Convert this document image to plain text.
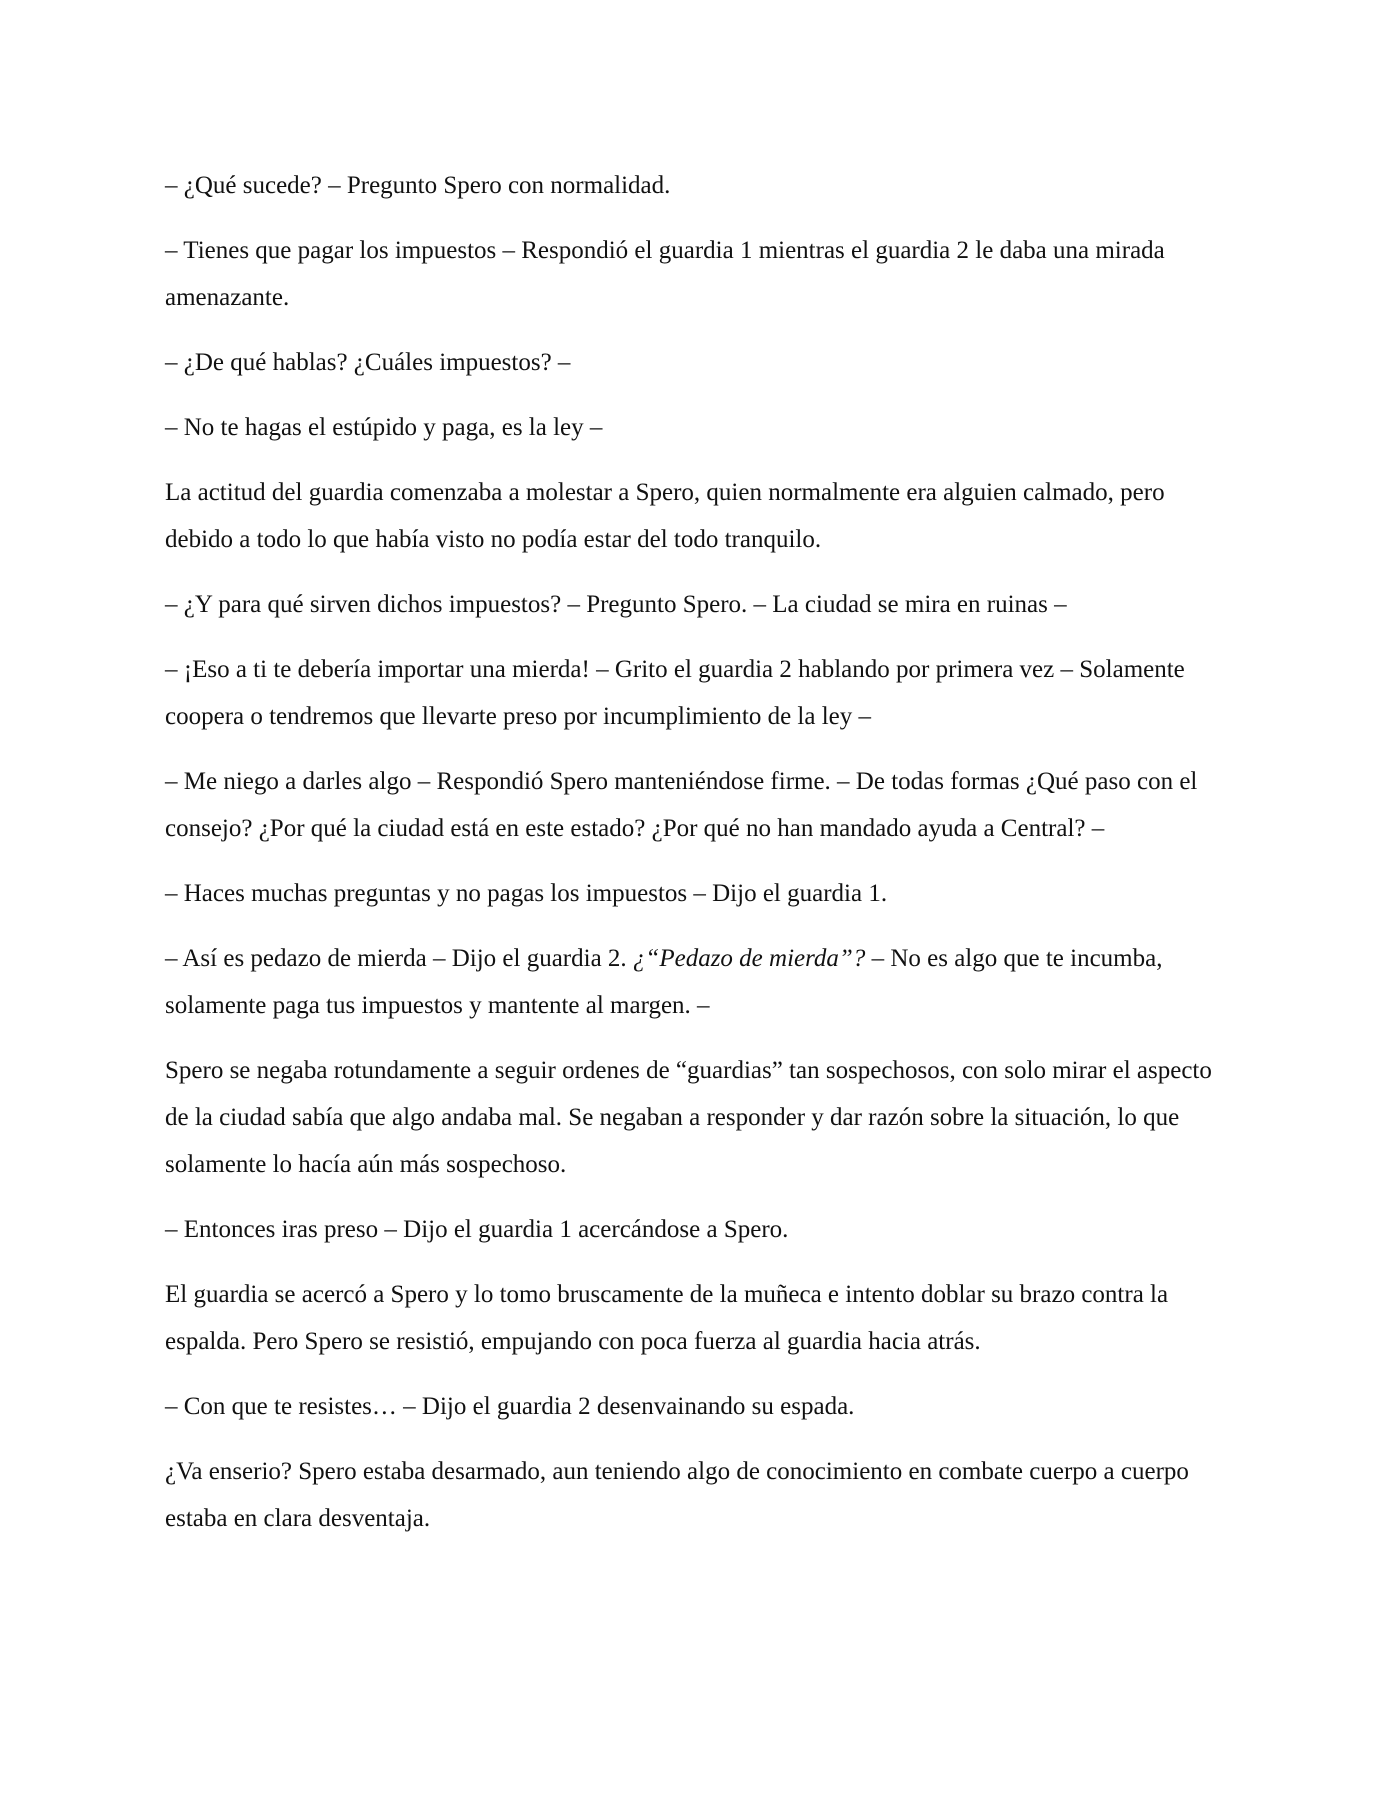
– ¿Qué sucede? – Pregunto Spero con normalidad.

– Tienes que pagar los impuestos – Respondió el guardia 1 mientras el guardia 2 le daba una mirada amenazante.

– ¿De qué hablas? ¿Cuáles impuestos? –

– No te hagas el estúpido y paga, es la ley –

La actitud del guardia comenzaba a molestar a Spero, quien normalmente era alguien calmado, pero debido a todo lo que había visto no podía estar del todo tranquilo.

– ¿Y para qué sirven dichos impuestos? – Pregunto Spero. – La ciudad se mira en ruinas –

– ¡Eso a ti te debería importar una mierda! – Grito el guardia 2 hablando por primera vez – Solamente coopera o tendremos que llevarte preso por incumplimiento de la ley –

– Me niego a darles algo – Respondió Spero manteniéndose firme. – De todas formas ¿Qué paso con el consejo? ¿Por qué la ciudad está en este estado? ¿Por qué no han mandado ayuda a Central? –

– Haces muchas preguntas y no pagas los impuestos – Dijo el guardia 1.

– Así es pedazo de mierda – Dijo el guardia 2. ¿“Pedazo de mierda”? – No es algo que te incumba, solamente paga tus impuestos y mantente al margen. –

Spero se negaba rotundamente a seguir ordenes de “guardias” tan sospechosos, con solo mirar el aspecto de la ciudad sabía que algo andaba mal. Se negaban a responder y dar razón sobre la situación, lo que solamente lo hacía aún más sospechoso.

– Entonces iras preso – Dijo el guardia 1 acercándose a Spero.

El guardia se acercó a Spero y lo tomo bruscamente de la muñeca e intento doblar su brazo contra la espalda. Pero Spero se resistió, empujando con poca fuerza al guardia hacia atrás.

– Con que te resistes… – Dijo el guardia 2 desenvainando su espada.

¿Va enserio? Spero estaba desarmado, aun teniendo algo de conocimiento en combate cuerpo a cuerpo estaba en clara desventaja.
